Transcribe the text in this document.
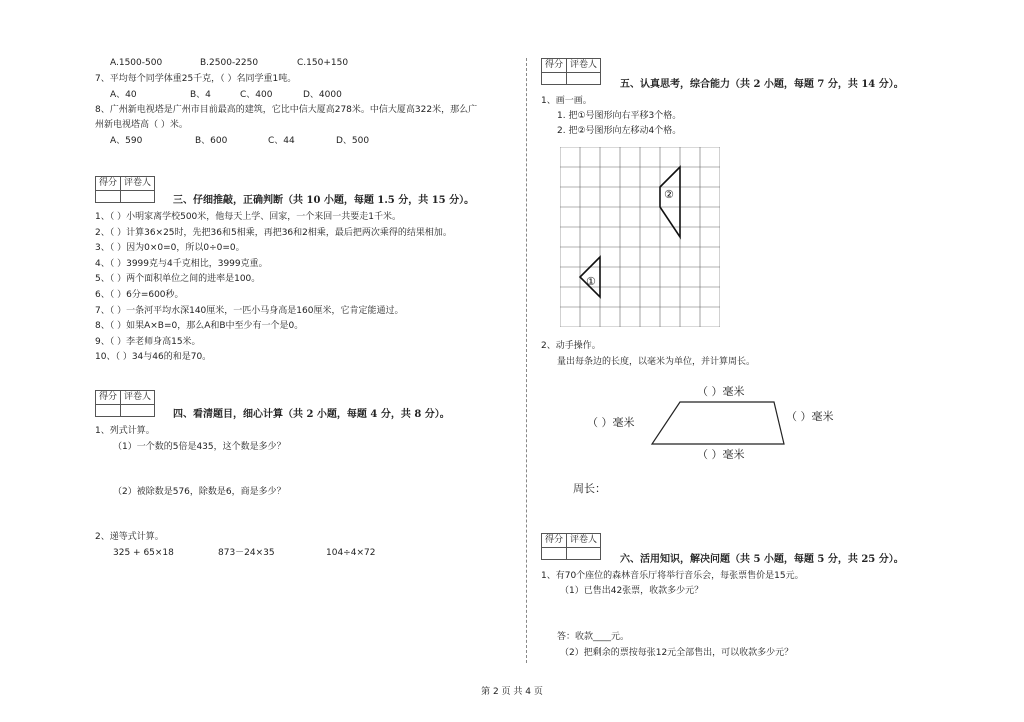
A.1500-500	B.2500-2250	C.150+150
7、平均每个同学体重25千克，（ ）名同学重1吨。
A、40	B、4	C、400	D、4000
8、广州新电视塔是广州市目前最高的建筑，它比中信大厦高278米。中信大厦高322米，那么广
州新电视塔高（ ）米。
A、590	B、600	C、44	D、500
得分	评卷人

三、仔细推敲，正确判断（共 10 小题，每题 1.5 分，共 15 分）。
1、（ ）小明家离学校500米，他每天上学、回家，一个来回一共要走1千米。
2、（ ）计算36×25时，先把36和5相乘，再把36和2相乘，最后把两次乘得的结果相加。
3、（ ）因为0×0=0，所以0÷0=0。
4、（ ）3999克与4千克相比，3999克重。
5、（ ）两个面积单位之间的进率是100。
6、（ ）6分=600秒。
7、（ ）一条河平均水深140厘米，一匹小马身高是160厘米，它肯定能通过。
8、（ ）如果A×B=0，那么A和B中至少有一个是0。
9、（ ）李老师身高15米。
10、（ ）34与46的和是70。
得分	评卷人

四、看清题目，细心计算（共 2 小题，每题 4 分，共 8 分）。
1、列式计算。
（1）一个数的5倍是435，这个数是多少？
（2）被除数是576，除数是6，商是多少？
2、递等式计算。
325 + 65×18	873－24×35	104÷4×72
得分	评卷人

五、认真思考，综合能力（共 2 小题，每题 7 分，共 14 分）。
1、画一画。
1. 把①号图形向右平移3个格。
2. 把②号图形向左移动4个格。
②
①
2、动手操作。
量出每条边的长度，以毫米为单位，并计算周长。
（ ）毫米
（ ）毫米	（ ）毫米
（ ）毫米
周长：
得分	评卷人

六、活用知识，解决问题（共 5 小题，每题 5 分，共 25 分）。
1、有70个座位的森林音乐厅将举行音乐会，每张票售价是15元。
（1）已售出42张票，收款多少元？
答：收款____元。
（2）把剩余的票按每张12元全部售出，可以收款多少元？
第 2 页 共 4 页
